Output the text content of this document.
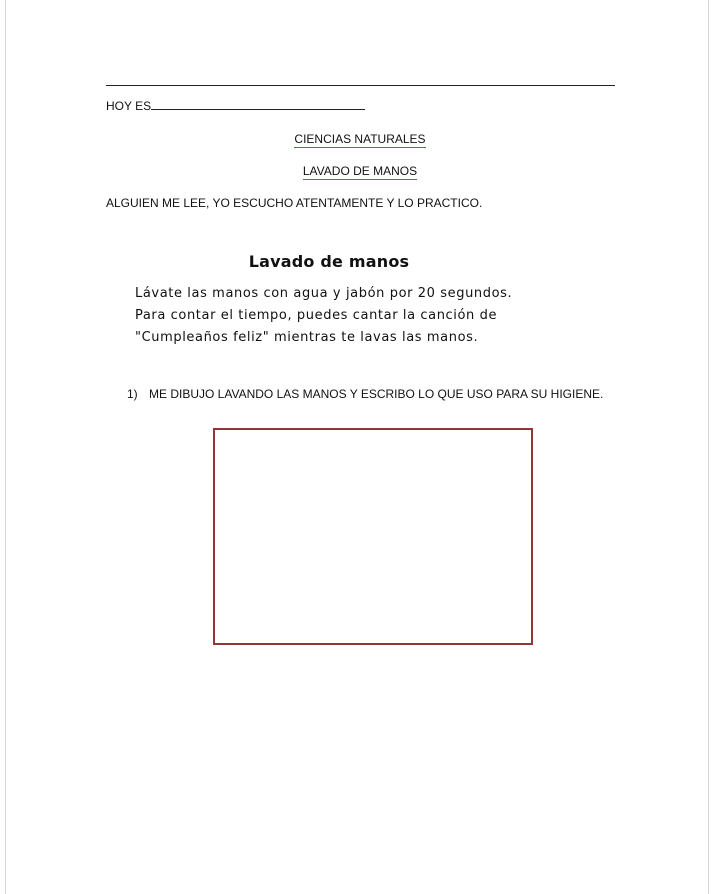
HOY ES
CIENCIAS NATURALES
LAVADO DE MANOS
ALGUIEN ME LEE, YO ESCUCHO ATENTAMENTE Y LO PRACTICO.
Lavado de manos
Lávate las manos con agua y jabón por 20 segundos.
Para contar el tiempo, puedes cantar la canción de
"Cumpleaños feliz" mientras te lavas las manos.
1) ME DIBUJO LAVANDO LAS MANOS Y ESCRIBO LO QUE USO PARA SU HIGIENE.
